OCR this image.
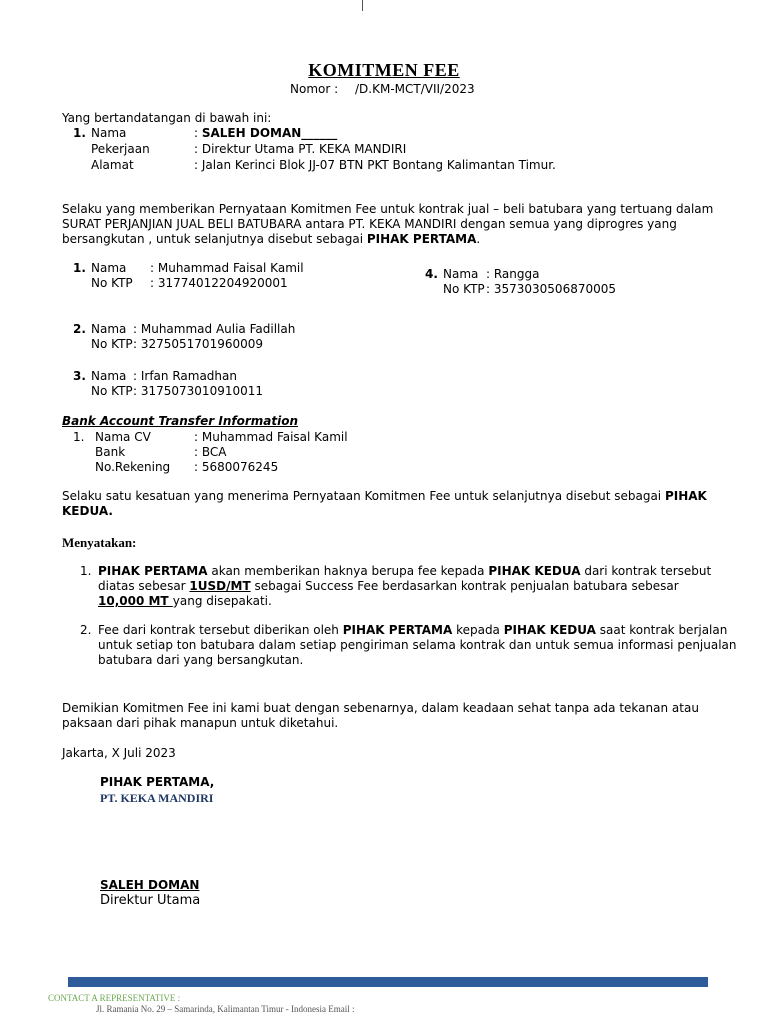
KOMITMEN FEE
Nomor : /D.KM-MCT/VII/2023
Yang bertandatangan di bawah ini:
1. Nama	: SALEH DOMAN______
Pekerjaan	: Direktur Utama PT. KEKA MANDIRI
Alamat	: Jalan Kerinci Blok JJ-07 BTN PKT Bontang Kalimantan Timur.
Selaku yang memberikan Pernyataan Komitmen Fee untuk kontrak jual – beli batubara yang tertuang dalam
SURAT PERJANJIAN JUAL BELI BATUBARA antara PT. KEKA MANDIRI dengan semua yang diprogres yang
bersangkutan , untuk selanjutnya disebut sebagai PIHAK PERTAMA.
1. Nama : Muhammad Faisal Kamil
No KTP : 31774012204920001
4. Nama : Rangga
No KTP : 3573030506870005
2. Nama : Muhammad Aulia Fadillah
No KTP : 3275051701960009
3. Nama : Irfan Ramadhan
No KTP : 3175073010910011
Bank Account Transfer Information
1. Nama CV	: Muhammad Faisal Kamil
Bank	: BCA
No.Rekening : 5680076245
Selaku satu kesatuan yang menerima Pernyataan Komitmen Fee untuk selanjutnya disebut sebagai PIHAK
KEDUA.
Menyatakan:
1. PIHAK PERTAMA akan memberikan haknya berupa fee kepada PIHAK KEDUA dari kontrak tersebut
diatas sebesar 1USD/MT sebagai Success Fee berdasarkan kontrak penjualan batubara sebesar
10,000 MT yang disepakati.
2. Fee dari kontrak tersebut diberikan oleh PIHAK PERTAMA kepada PIHAK KEDUA saat kontrak berjalan
untuk setiap ton batubara dalam setiap pengiriman selama kontrak dan untuk semua informasi penjualan
batubara dari yang bersangkutan.
Demikian Komitmen Fee ini kami buat dengan sebenarnya, dalam keadaan sehat tanpa ada tekanan atau
paksaan dari pihak manapun untuk diketahui.
Jakarta, X Juli 2023
PIHAK PERTAMA,
PT. KEKA MANDIRI
SALEH DOMAN
Direktur Utama
CONTACT A REPRESENTATIVE :
Jl. Ramania No. 29 – Samarinda, Kalimantan Timur - Indonesia Email :
